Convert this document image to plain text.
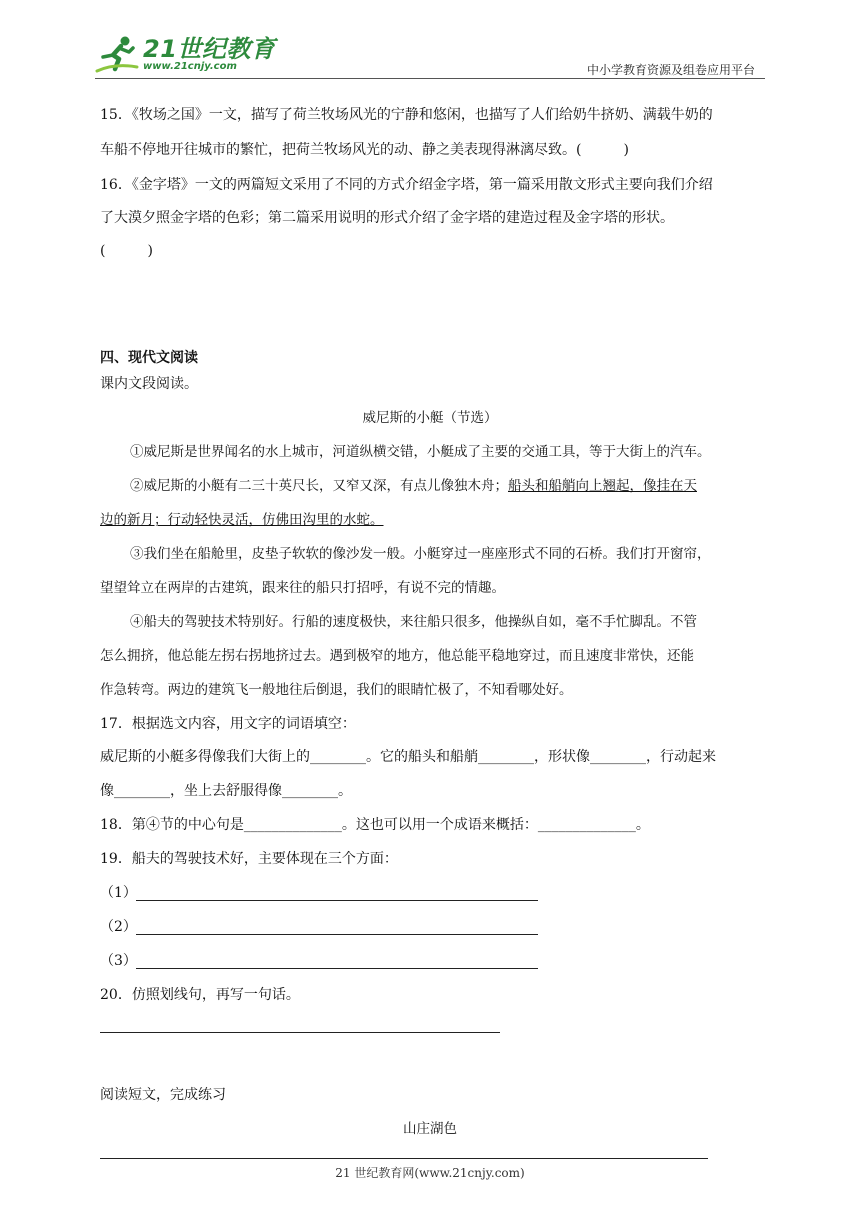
21世纪教育
www.21cnjy.com	中小学教育资源及组卷应用平台
15．《牧场之国》一文，描写了荷兰牧场风光的宁静和悠闲，也描写了人们给奶牛挤奶、满载牛奶的
车船不停地开往城市的繁忙，把荷兰牧场风光的动、静之美表现得淋漓尽致。(　　　)
16．《金字塔》一文的两篇短文采用了不同的方式介绍金字塔，第一篇采用散文形式主要向我们介绍
了大漠夕照金字塔的色彩；第二篇采用说明的形式介绍了金字塔的建造过程及金字塔的形状。
(　　　)
四、现代文阅读
课内文段阅读。
威尼斯的小艇（节选）
①威尼斯是世界闻名的水上城市，河道纵横交错，小艇成了主要的交通工具，等于大街上的汽车。
②威尼斯的小艇有二三十英尺长，又窄又深，有点儿像独木舟；船头和船艄向上翘起，像挂在天
边的新月；行动轻快灵活，仿佛田沟里的水蛇。
③我们坐在船舱里，皮垫子软软的像沙发一般。小艇穿过一座座形式不同的石桥。我们打开窗帘，
望望耸立在两岸的古建筑，跟来往的船只打招呼，有说不完的情趣。
④船夫的驾驶技术特别好。行船的速度极快，来往船只很多，他操纵自如，毫不手忙脚乱。不管
怎么拥挤，他总能左拐右拐地挤过去。遇到极窄的地方，他总能平稳地穿过，而且速度非常快，还能
作急转弯。两边的建筑飞一般地往后倒退，我们的眼睛忙极了，不知看哪处好。
17．根据选文内容，用文字的词语填空：
威尼斯的小艇多得像我们大街上的________。它的船头和船艄________，形状像________，行动起来
像________，坐上去舒服得像________。
18．第④节的中心句是______________。这也可以用一个成语来概括：______________。
19．船夫的驾驶技术好，主要体现在三个方面：
（1）
（2）
（3）
20．仿照划线句，再写一句话。
阅读短文，完成练习
山庄湖色
21 世纪教育网(www.21cnjy.com)
